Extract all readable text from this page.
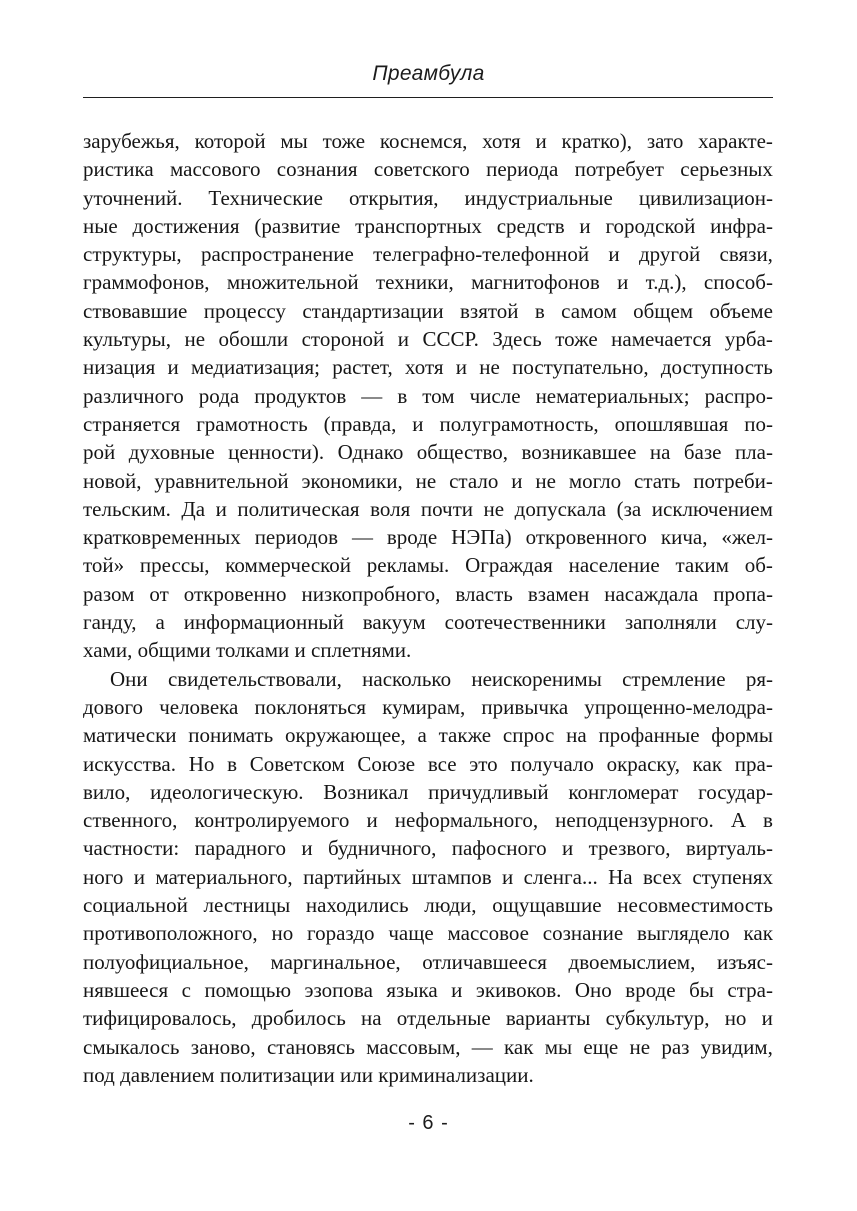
Преамбула
зарубежья, которой мы тоже коснемся, хотя и кратко), зато характе-
ристика массового сознания советского периода потребует серьезных
уточнений. Технические открытия, индустриальные цивилизацион-
ные достижения (развитие транспортных средств и городской инфра-
структуры, распространение телеграфно-телефонной и другой связи,
граммофонов, множительной техники, магнитофонов и т.д.), способ-
ствовавшие процессу стандартизации взятой в самом общем объеме
культуры, не обошли стороной и СССР. Здесь тоже намечается урба-
низация и медиатизация; растет, хотя и не поступательно, доступность
различного рода продуктов — в том числе нематериальных; распро-
страняется грамотность (правда, и полуграмотность, опошлявшая по-
рой духовные ценности). Однако общество, возникавшее на базе пла-
новой, уравнительной экономики, не стало и не могло стать потреби-
тельским. Да и политическая воля почти не допускала (за исключением
кратковременных периодов — вроде НЭПа) откровенного кича, «жел-
той» прессы, коммерческой рекламы. Ограждая население таким об-
разом от откровенно низкопробного, власть взамен насаждала пропа-
ганду, а информационный вакуум соотечественники заполняли слу-
хами, общими толками и сплетнями.
Они свидетельствовали, насколько неискоренимы стремление ря-
дового человека поклоняться кумирам, привычка упрощенно-мелодра-
матически понимать окружающее, а также спрос на профанные формы
искусства. Но в Советском Союзе все это получало окраску, как пра-
вило, идеологическую. Возникал причудливый конгломерат государ-
ственного, контролируемого и неформального, неподцензурного. А в
частности: парадного и будничного, пафосного и трезвого, виртуаль-
ного и материального, партийных штампов и сленга... На всех ступенях
социальной лестницы находились люди, ощущавшие несовместимость
противоположного, но гораздо чаще массовое сознание выглядело как
полуофициальное, маргинальное, отличавшееся двоемыслием, изъяс-
нявшееся с помощью эзопова языка и экивоков. Оно вроде бы стра-
тифицировалось, дробилось на отдельные варианты субкультур, но и
смыкалось заново, становясь массовым, — как мы еще не раз увидим,
под давлением политизации или криминализации.
- 6 -
